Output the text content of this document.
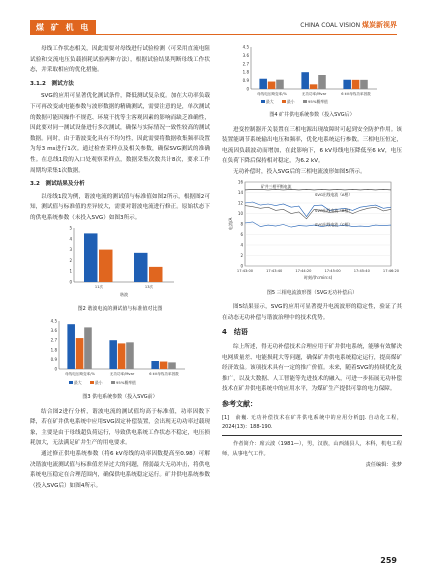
煤 矿 机 电	CHINA COAL VISION 煤炭新视界

母线工作状态相关，因此需要对母线进行试验检测（可采用直流电阻试验和交流电压负载损耗试验两种方法），根据试验结果判断母线工作状态，并采取相应的优化措施。

3.1.2　测试方法

SVG的应用可显著优化测试条件，降低测试复杂度。加在大功率负载下可再改变或电能参数与波形数据的精确测试，需要注意的是，单次测试的数据可能因操作不规范、环境干扰等主客观因素的影响而缺乏准确性，因此要对同一测试设备进行多次测试，确保与实际情况一致性较高的测试数据。同时，由于谐波变化具有不均匀性，因此需要将数据收集频率设置为每3 ms进行1次。通过检查采样点及相关参数，确保SVG测试的准确性。在总线1段的入口处观察采样点，数据采集次数共计8次，要求工作周期均采集1次数据。

3.2　测试结果及分析

以母线1段为例，谐波电流的测试值与标准值如图2所示，根据图2可知，测试值与标准值的差异较大，需要对谐波电流进行修正。原始状态下的供电系统参数（未投入SVG）如图3所示。

0
1
2
3
4
5
11次	13次
谐波

图2 谐波电流的测试值与标准值对比图

0
0.9
1.8
2.7
3.6
4.5
母线电压畸变率/%	无功功率/Mvar	6 kV母线功率因数
最大	最小	95%概率值

图3 供电系统参数（投入SVG前）

结合图2进行分析，谐波电流的测试值均高于标准值，功率因数下降，若在矿井供电系统中应用SVG固定补偿装置，会出现无功功率过载现象，主要是由于母线超负荷运行，导致供电系统工作状态不稳定，电压损耗加大，无法满足矿井生产的用电要求。

通过修正供电系统参数（将6 kV母线的功率因数提高至0.98）可解决谐波电流测试值与标准值差异过大的问题，削弱最大无功冲击，将供电系统电压稳定在合理范围内，确保供电系统稳定运行。矿井供电系统参数（投入SVG后）如图4所示。

0
0.9
1.8
2.7
3.6
4.5
母线电压畸变率/%	无功功率/Mvar	6 kV母线功率因数
最大	最小	95%概率值

图4 矿井供电系统参数（投入SVG后）

进变控制器开关装置在三相电源出现故障时可起到安全防护作用。该装置能调节系统输出电压和频率，优化电系统运行参数。三相电压恒定，电流因负载波动而增加，在此影响下，6 kV母线电压降低至6 kV，电压在负荷下降后保持相对稳定，为6.2 kV。

无功补偿时，投入SVG后的三相电流波形如图5所示。

0
2
4
6
8
10
12
14
16
17:43:00	17:43:40	17:44:20	17:45:00	17:45:40	17:46:20
时刻/(h:min:s)
电流/A
矿井三相平衡电流
SVG出线电流（A相）
SVG出线电流（B相）
SVG出线电流（C相）

图5 三相电流波形图（SVG无功补偿后）

图5结果显示，SVG的应用可显著提升电流波形的稳定性，验证了其在动态无功补偿与谐波治理中的技术优势。

4　结语

综上所述，得无功补偿技术合理应用于矿井供电系统，能够有效解决电网质量差、电能损耗大等问题，确保矿井供电系统稳定运行，提高煤矿经济效益。该项技术具有一定的推广价值。未来，随着SVG的持续优化及推广，以及大数据、人工智能等先进技术的融入，可进一步拓展无功补偿技术在矿井供电系统中的应用水平，为煤矿生产提供可靠的电力保障。

参考文献：

[1]　俞巍. 无功补偿技术在矿井供电系统中的应用分析[J]. 自动化工程，2024(13)：188-190.

作者简介：席云波（1981—），男，汉族，山西蒲县人，本科，机电工程师，从事电气工作。

责任编辑：张梦

259
